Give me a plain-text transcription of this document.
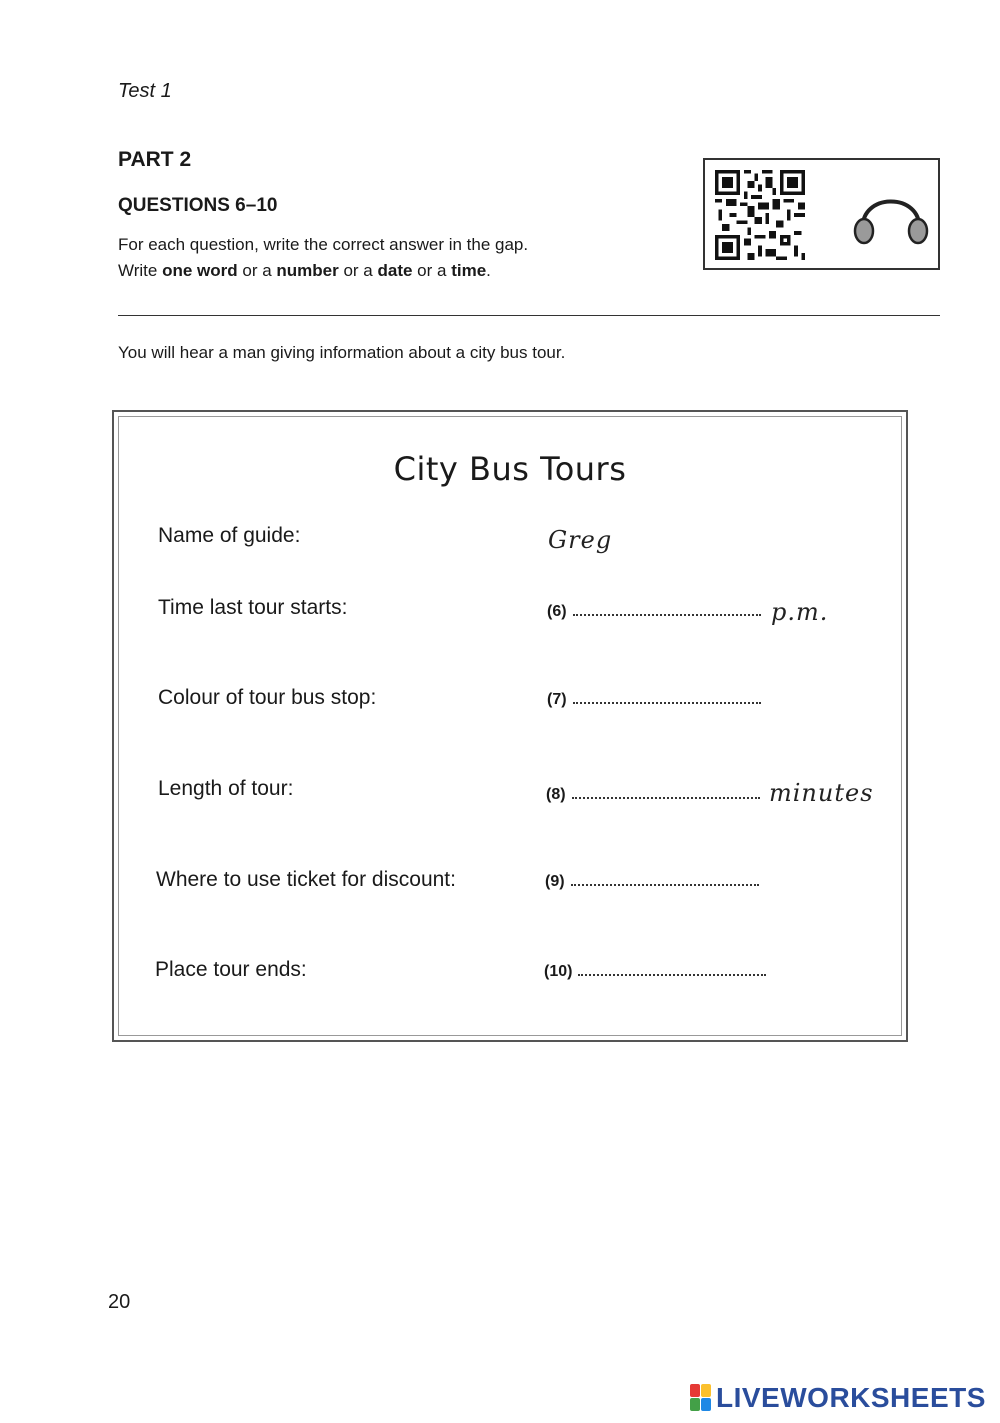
Test 1
PART 2
QUESTIONS 6–10
For each question, write the correct answer in the gap.
Write one word or a number or a date or a time.
You will hear a man giving information about a city bus tour.
City Bus Tours
Name of guide:	Greg
Time last tour starts:	(6)	p.m.
Colour of tour bus stop:	(7)
Length of tour:	(8)	minutes
Where to use ticket for discount:	(9)
Place tour ends:	(10)
20
LIVEWORKSHEETS
